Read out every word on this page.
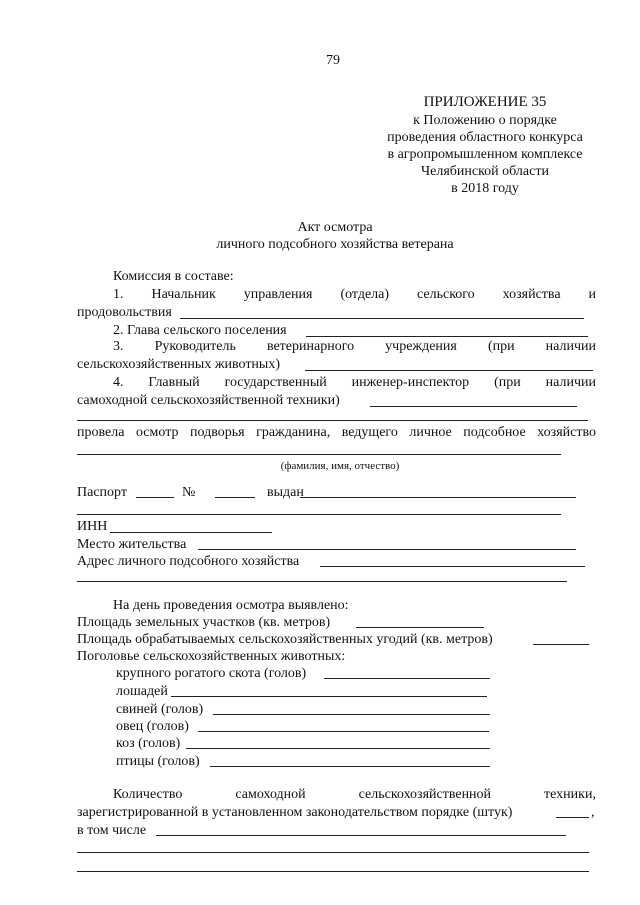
79
ПРИЛОЖЕНИЕ 35
к Положению о порядке
проведения областного конкурса
в агропромышленном комплексе
Челябинской области
в 2018 году
Акт осмотра
личного подсобного хозяйства ветерана
Комиссия в составе:
1. Начальник управления (отдела) сельского хозяйства и
продовольствия
2. Глава сельского поселения
3. Руководитель ветеринарного учреждения (при наличии
сельскохозяйственных животных)
4. Главный государственный инженер-инспектор (при наличии
самоходной сельскохозяйственной техники)
провела осмотр подворья гражданина, ведущего личное подсобное хозяйство
(фамилия, имя, отчество)
Паспорт	№	выдан
ИНН
Место жительства
Адрес личного подсобного хозяйства
На день проведения осмотра выявлено:
Площадь земельных участков (кв. метров)
Площадь обрабатываемых сельскохозяйственных угодий (кв. метров)
Поголовье сельскохозяйственных животных:
крупного рогатого скота (голов)
лошадей
свиней (голов)
овец (голов)
коз (голов)
птицы (голов)
Количество	самоходной	сельскохозяйственной	техники,
зарегистрированной в установленном законодательством порядке (штук)	,
в том числе
